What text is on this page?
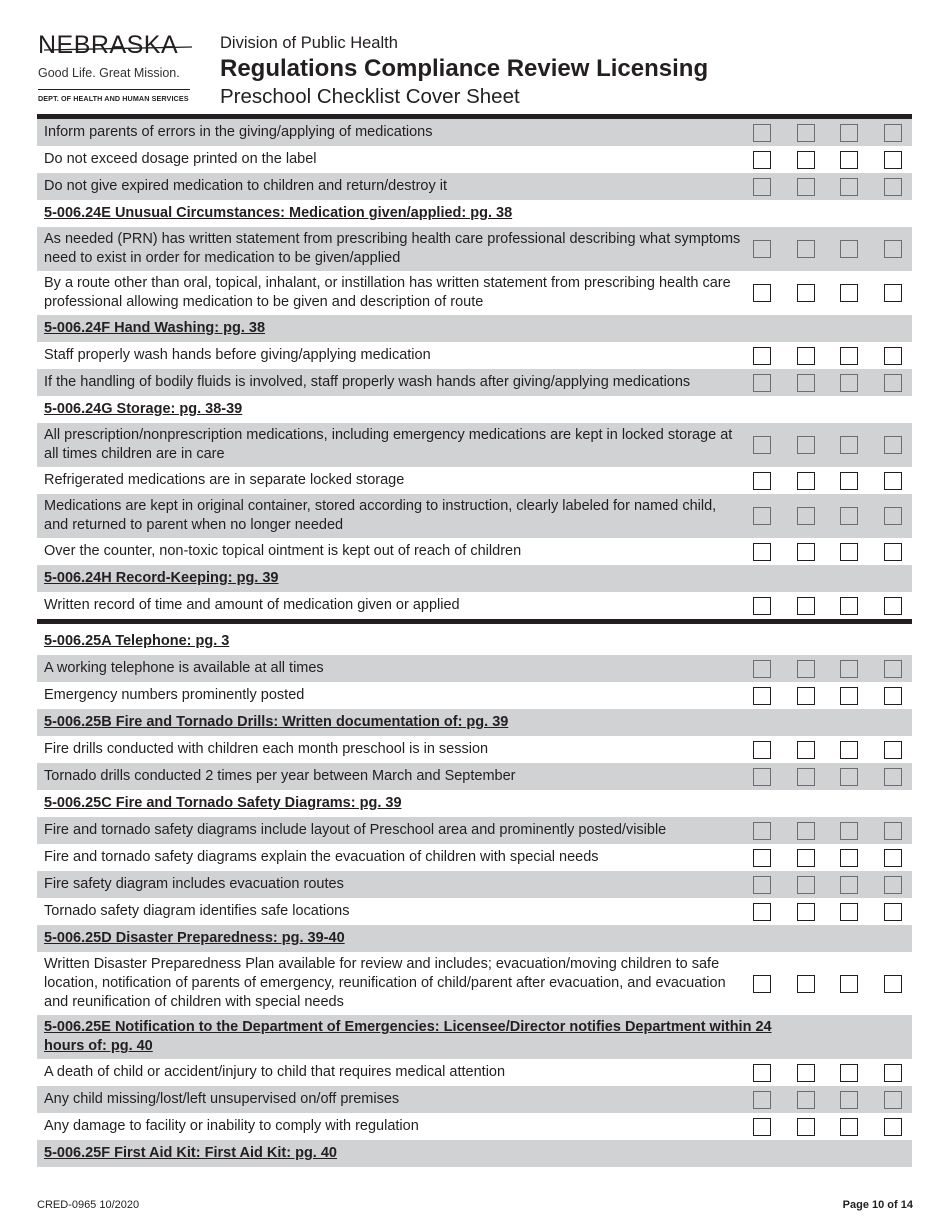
NEBRASKA
Good Life. Great Mission.
DEPT. OF HEALTH AND HUMAN SERVICES
Division of Public Health
Regulations Compliance Review Licensing
Preschool Checklist Cover Sheet
Inform parents of errors in the giving/applying of medications
Do not exceed dosage printed on the label
Do not give expired medication to children and return/destroy it
5-006.24E Unusual Circumstances: Medication given/applied: pg. 38
As needed (PRN) has written statement from prescribing health care professional describing what symptoms need to exist in order for medication to be given/applied
By a route other than oral, topical, inhalant, or instillation has written statement from prescribing health care professional allowing medication to be given and description of route
5-006.24F Hand Washing: pg. 38
Staff properly wash hands before giving/applying medication
If the handling of bodily fluids is involved, staff properly wash hands after giving/applying medications
5-006.24G Storage: pg. 38-39
All prescription/nonprescription medications, including emergency medications are kept in locked storage at all times children are in care
Refrigerated medications are in separate locked storage
Medications are kept in original container, stored according to instruction, clearly labeled for named child, and returned to parent when no longer needed
Over the counter, non-toxic topical ointment is kept out of reach of children
5-006.24H Record-Keeping: pg. 39
Written record of time and amount of medication given or applied
5-006.25A Telephone: pg. 3
A working telephone is available at all times
Emergency numbers prominently posted
5-006.25B Fire and Tornado Drills: Written documentation of: pg. 39
Fire drills conducted with children each month preschool is in session
Tornado drills conducted 2 times per year between March and September
5-006.25C Fire and Tornado Safety Diagrams: pg. 39
Fire and tornado safety diagrams include layout of Preschool area and prominently posted/visible
Fire and tornado safety diagrams explain the evacuation of children with special needs
Fire safety diagram includes evacuation routes
Tornado safety diagram identifies safe locations
5-006.25D Disaster Preparedness: pg. 39-40
Written Disaster Preparedness Plan available for review and includes; evacuation/moving children to safe location, notification of parents of emergency, reunification of child/parent after evacuation, and evacuation and reunification of children with special needs
5-006.25E Notification to the Department of Emergencies: Licensee/Director notifies Department within 24 hours of: pg. 40
A death of child or accident/injury to child that requires medical attention
Any child missing/lost/left unsupervised on/off premises
Any damage to facility or inability to comply with regulation
5-006.25F First Aid Kit: First Aid Kit: pg. 40
CRED-0965 10/2020	Page 10 of 14
